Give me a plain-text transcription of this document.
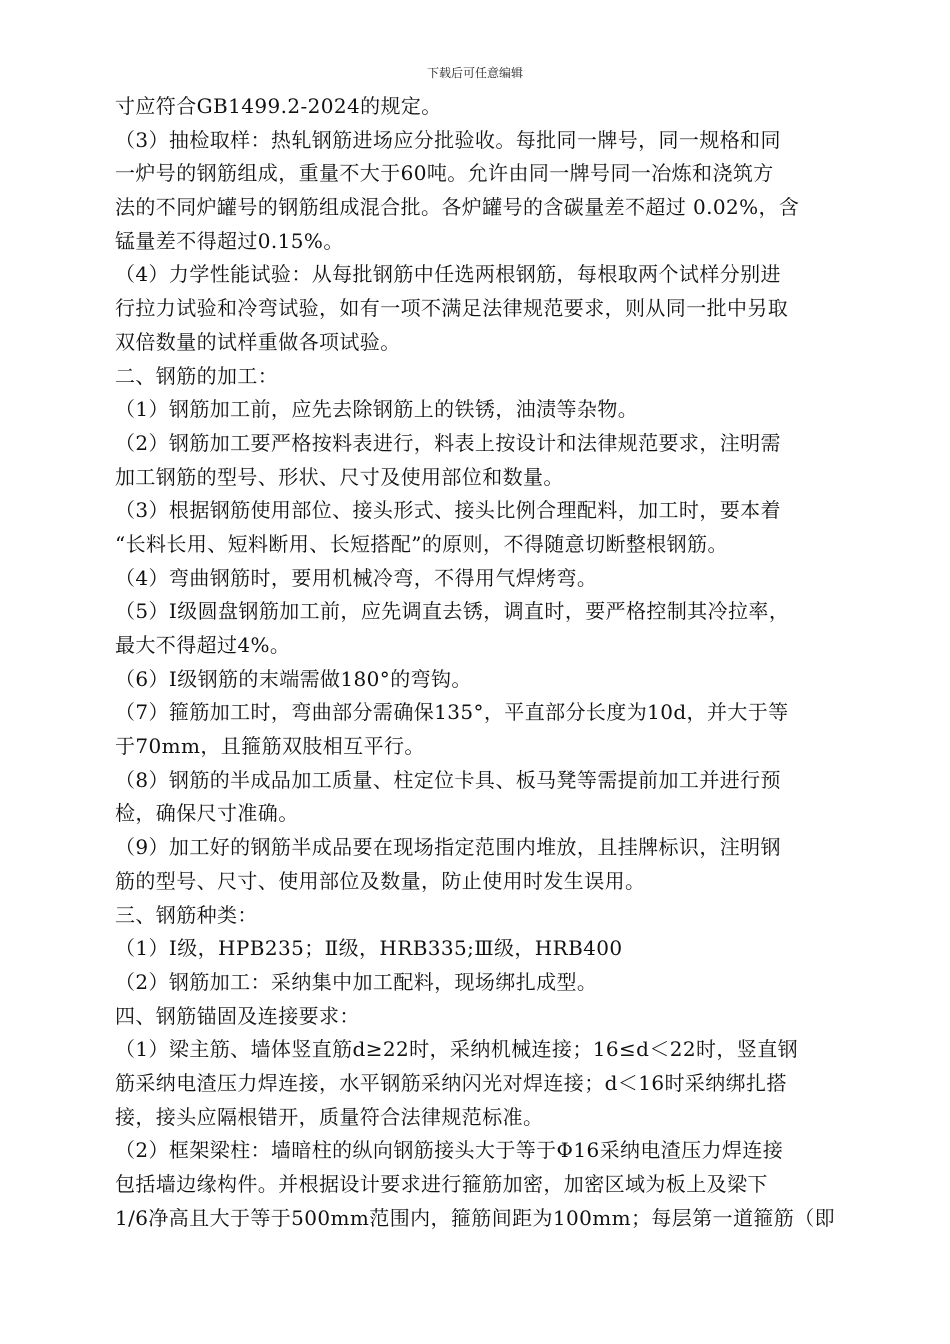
下载后可任意编辑
寸应符合GB1499.2-2024的规定。
（3）抽检取样：热轧钢筋进场应分批验收。每批同一牌号，同一规格和同
一炉号的钢筋组成，重量不大于60吨。允许由同一牌号同一冶炼和浇筑方
法的不同炉罐号的钢筋组成混合批。各炉罐号的含碳量差不超过 0.02%，含
锰量差不得超过0.15%。
（4）力学性能试验：从每批钢筋中任选两根钢筋，每根取两个试样分别进
行拉力试验和冷弯试验，如有一项不满足法律规范要求，则从同一批中另取
双倍数量的试样重做各项试验。
二、钢筋的加工：
（1）钢筋加工前，应先去除钢筋上的铁锈，油渍等杂物。
（2）钢筋加工要严格按料表进行，料表上按设计和法律规范要求，注明需
加工钢筋的型号、形状、尺寸及使用部位和数量。
（3）根据钢筋使用部位、接头形式、接头比例合理配料，加工时，要本着
“长料长用、短料断用、长短搭配”的原则，不得随意切断整根钢筋。
（4）弯曲钢筋时，要用机械冷弯，不得用气焊烤弯。
（5）Ⅰ级圆盘钢筋加工前，应先调直去锈，调直时，要严格控制其冷拉率，
最大不得超过4%。
（6）Ⅰ级钢筋的末端需做180°的弯钩。
（7）箍筋加工时，弯曲部分需确保135°，平直部分长度为10d，并大于等
于70mm，且箍筋双肢相互平行。
（8）钢筋的半成品加工质量、柱定位卡具、板马凳等需提前加工并进行预
检，确保尺寸准确。
（9）加工好的钢筋半成品要在现场指定范围内堆放，且挂牌标识，注明钢
筋的型号、尺寸、使用部位及数量，防止使用时发生误用。
三、钢筋种类：
（1）Ⅰ级，HPB235；Ⅱ级，HRB335;Ⅲ级，HRB400
（2）钢筋加工：采纳集中加工配料，现场绑扎成型。
四、钢筋锚固及连接要求：
（1）梁主筋、墙体竖直筋d≥22时，采纳机械连接；16≤d＜22时，竖直钢
筋采纳电渣压力焊连接，水平钢筋采纳闪光对焊连接；d＜16时采纳绑扎搭
接，接头应隔根错开，质量符合法律规范标准。
（2）框架梁柱：墙暗柱的纵向钢筋接头大于等于Φ16采纳电渣压力焊连接
包括墙边缘构件。并根据设计要求进行箍筋加密，加密区域为板上及梁下
1/6净高且大于等于500mm范围内，箍筋间距为100mm；每层第一道箍筋（即
